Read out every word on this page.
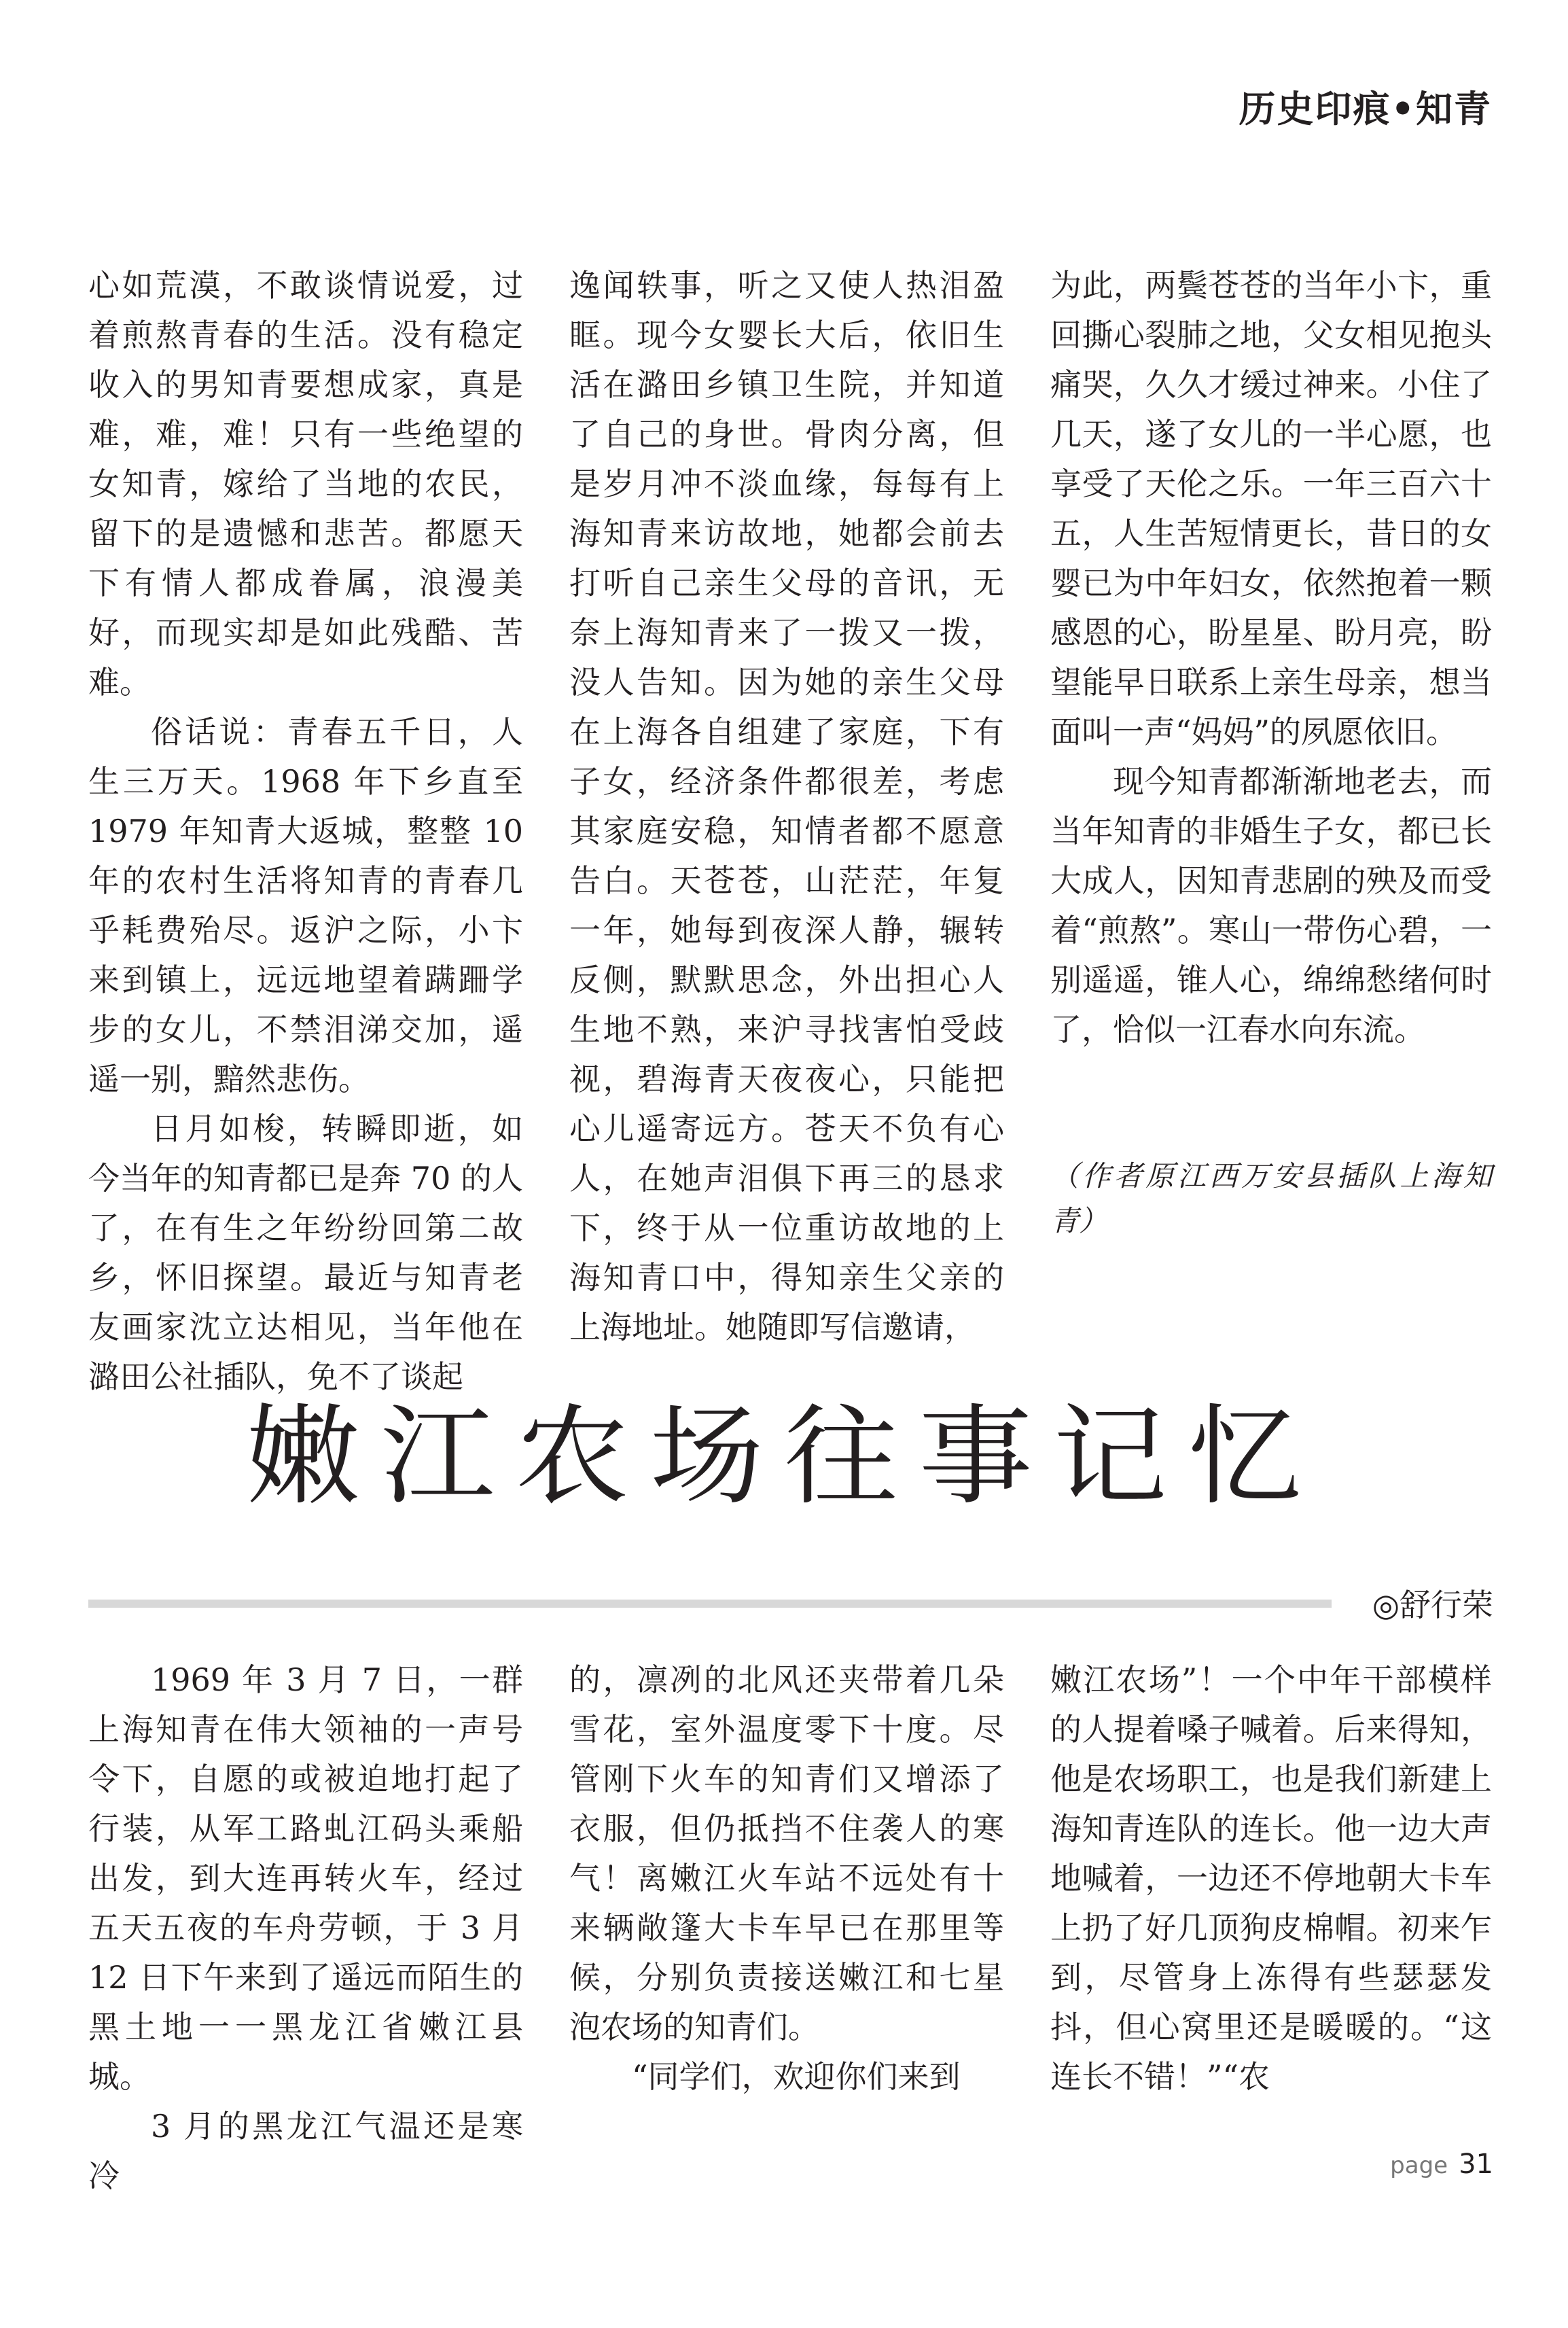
历史印痕•知青

心如荒漠，不敢谈情说爱，过着煎熬青春的生活。没有稳定收入的男知青要想成家，真是难，难，难！只有一些绝望的女知青，嫁给了当地的农民，留下的是遗憾和悲苦。都愿天下有情人都成眷属，浪漫美好，而现实却是如此残酷、苦难。

俗话说：青春五千日，人生三万天。1968 年下乡直至 1979 年知青大返城，整整 10 年的农村生活将知青的青春几乎耗费殆尽。返沪之际，小卞来到镇上，远远地望着蹒跚学步的女儿，不禁泪涕交加，遥遥一别，黯然悲伤。

日月如梭，转瞬即逝，如今当年的知青都已是奔 70 的人了，在有生之年纷纷回第二故乡，怀旧探望。最近与知青老友画家沈立达相见，当年他在潞田公社插队，免不了谈起

逸闻轶事，听之又使人热泪盈眶。现今女婴长大后，依旧生活在潞田乡镇卫生院，并知道了自己的身世。骨肉分离，但是岁月冲不淡血缘，每每有上海知青来访故地，她都会前去打听自己亲生父母的音讯，无奈上海知青来了一拨又一拨，没人告知。因为她的亲生父母在上海各自组建了家庭，下有子女，经济条件都很差，考虑其家庭安稳，知情者都不愿意告白。天苍苍，山茫茫，年复一年，她每到夜深人静，辗转反侧，默默思念，外出担心人生地不熟，来沪寻找害怕受歧视，碧海青天夜夜心，只能把心儿遥寄远方。苍天不负有心人，在她声泪俱下再三的恳求下，终于从一位重访故地的上海知青口中，得知亲生父亲的上海地址。她随即写信邀请，

为此，两鬓苍苍的当年小卞，重回撕心裂肺之地，父女相见抱头痛哭，久久才缓过神来。小住了几天，遂了女儿的一半心愿，也享受了天伦之乐。一年三百六十五，人生苦短情更长，昔日的女婴已为中年妇女，依然抱着一颗感恩的心，盼星星、盼月亮，盼望能早日联系上亲生母亲，想当面叫一声“妈妈”的夙愿依旧。

现今知青都渐渐地老去，而当年知青的非婚生子女，都已长大成人，因知青悲剧的殃及而受着“煎熬”。寒山一带伤心碧，一别遥遥，锥人心，绵绵愁绪何时了，恰似一江春水向东流。

（作者原江西万安县插队上海知青）

嫩江农场往事记忆
◎舒行荣

1969 年 3 月 7 日，一群上海知青在伟大领袖的一声号令下，自愿的或被迫地打起了行装，从军工路虬江码头乘船出发，到大连再转火车，经过五天五夜的车舟劳顿，于 3 月 12 日下午来到了遥远而陌生的黑土地一一黑龙江省嫩江县城。

3 月的黑龙江气温还是寒冷

的，凛冽的北风还夹带着几朵雪花，室外温度零下十度。尽管刚下火车的知青们又增添了衣服，但仍抵挡不住袭人的寒气！离嫩江火车站不远处有十来辆敞篷大卡车早已在那里等候，分别负责接送嫩江和七星泡农场的知青们。

“同学们，欢迎你们来到

嫩江农场”！一个中年干部模样的人提着嗓子喊着。后来得知，他是农场职工，也是我们新建上海知青连队的连长。他一边大声地喊着，一边还不停地朝大卡车上扔了好几顶狗皮棉帽。初来乍到，尽管身上冻得有些瑟瑟发抖，但心窝里还是暖暖的。“这连长不错！”“农

page 31
